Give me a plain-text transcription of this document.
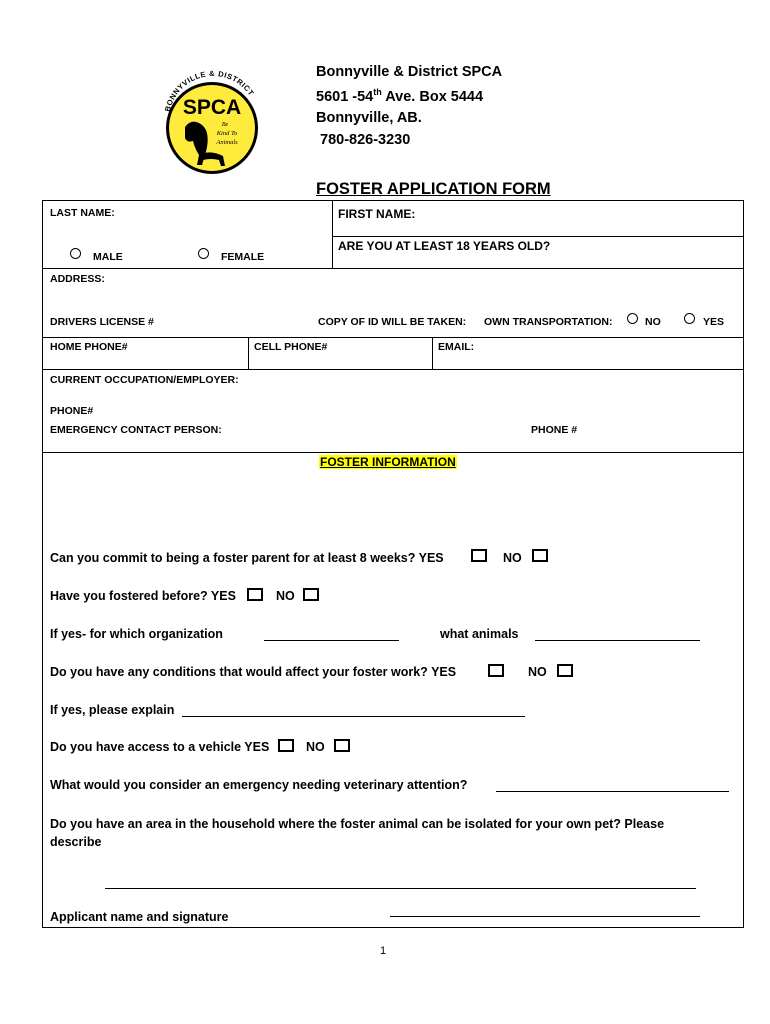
BONNYVILLE & DISTRICT
SPCA
Be
Kind To
Animals
Bonnyville & District SPCA
5601 -54th Ave. Box 5444
Bonnyville, AB.
780-826-3230
FOSTER APPLICATION FORM
LAST NAME:	FIRST NAME:
MALE	FEMALE
ARE YOU AT LEAST 18 YEARS OLD?
ADDRESS:
DRIVERS LICENSE #	COPY OF ID WILL BE TAKEN: OWN TRANSPORTATION:	NO	YES
HOME PHONE#	CELL PHONE#	EMAIL:
CURRENT OCCUPATION/EMPLOYER:
PHONE#
EMERGENCY CONTACT PERSON:	PHONE #
FOSTER INFORMATION
Can you commit to being a foster parent for at least 8 weeks? YES	NO
Have you fostered before? YES	NO
If yes- for which organization	what animals
Do you have any conditions that would affect your foster work? YES	NO
If yes, please explain
Do you have access to a vehicle YES	NO
What would you consider an emergency needing veterinary attention?
Do you have an area in the household where the foster animal can be isolated for your own pet? Please
describe
Applicant name and signature
1
